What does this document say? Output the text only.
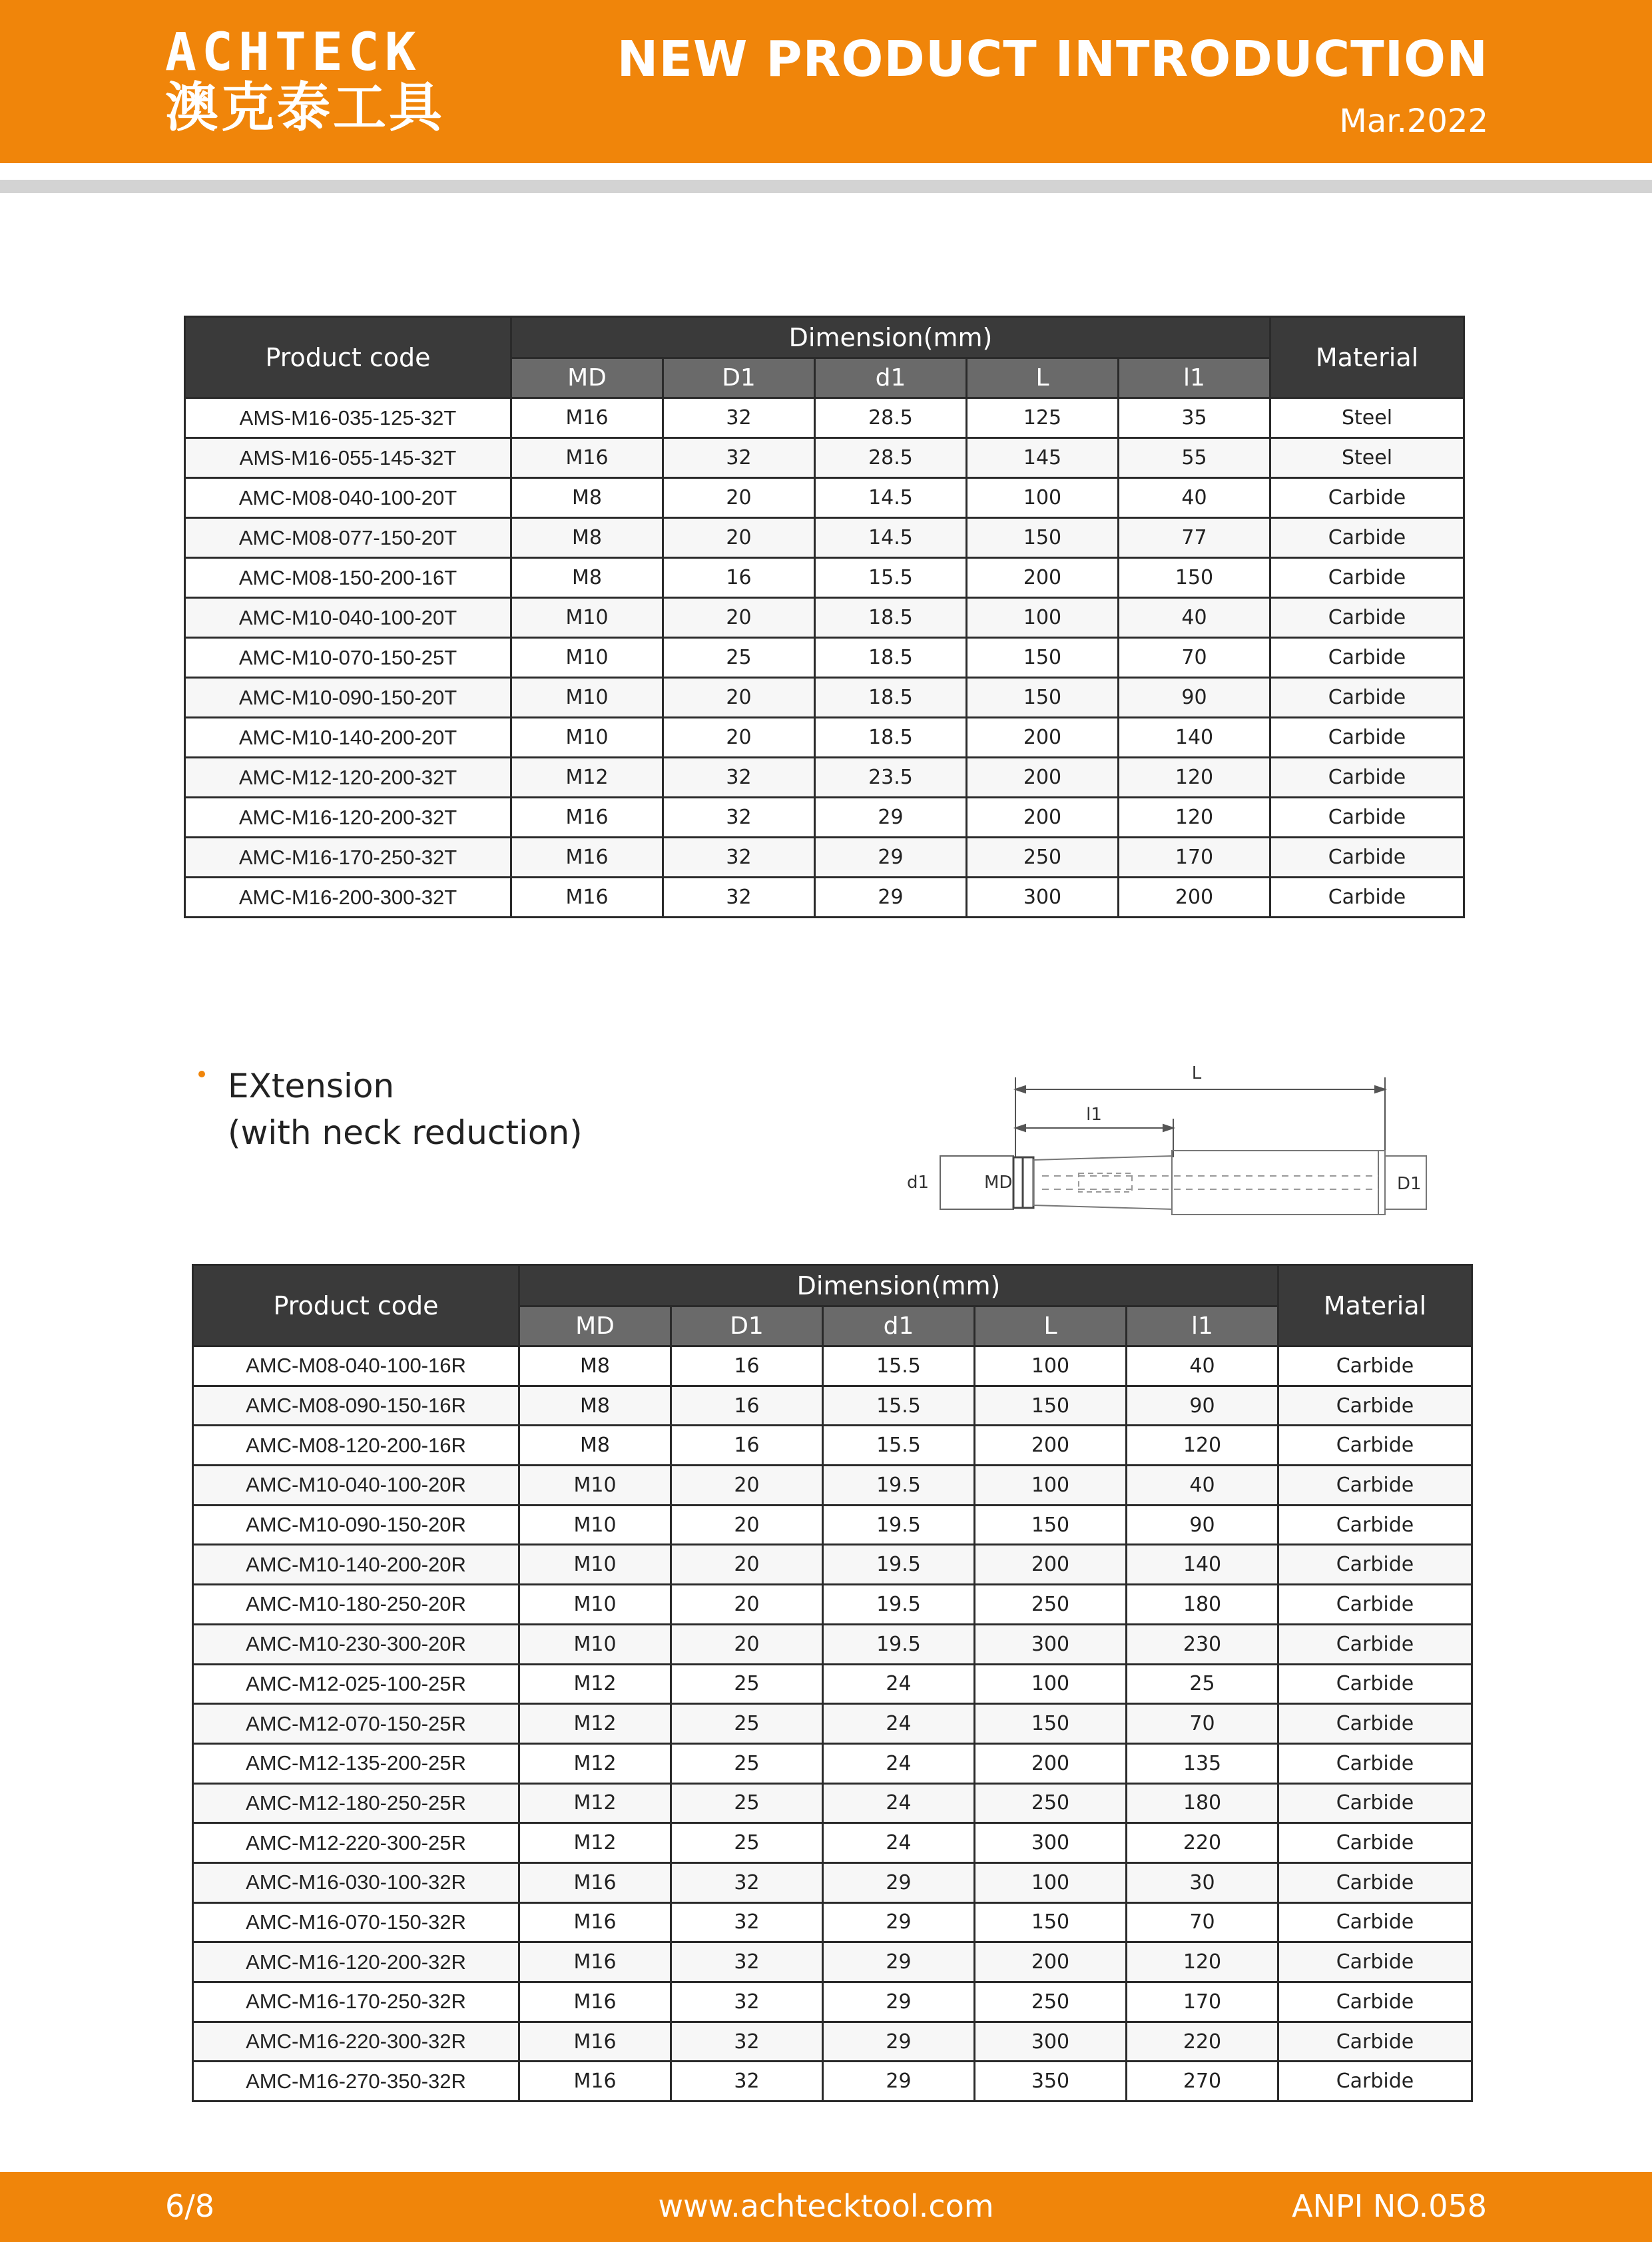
ACHTECK
澳克泰工具
NEW PRODUCT INTRODUCTION
Mar.2022
Product code	Dimension(mm)					Material
	MD	D1	d1	L	l1	
AMS-M16-035-125-32T	M16	32	28.5	125	35	Steel
AMS-M16-055-145-32T	M16	32	28.5	145	55	Steel
AMC-M08-040-100-20T	M8	20	14.5	100	40	Carbide
AMC-M08-077-150-20T	M8	20	14.5	150	77	Carbide
AMC-M08-150-200-16T	M8	16	15.5	200	150	Carbide
AMC-M10-040-100-20T	M10	20	18.5	100	40	Carbide
AMC-M10-070-150-25T	M10	25	18.5	150	70	Carbide
AMC-M10-090-150-20T	M10	20	18.5	150	90	Carbide
AMC-M10-140-200-20T	M10	20	18.5	200	140	Carbide
AMC-M12-120-200-32T	M12	32	23.5	200	120	Carbide
AMC-M16-120-200-32T	M16	32	29	200	120	Carbide
AMC-M16-170-250-32T	M16	32	29	250	170	Carbide
AMC-M16-200-300-32T	M16	32	29	300	200	Carbide
EXtension
(with neck reduction)
L
l1
d1	MD	D1
Product code	Dimension(mm)					Material
	MD	D1	d1	L	l1	
AMC-M08-040-100-16R	M8	16	15.5	100	40	Carbide
AMC-M08-090-150-16R	M8	16	15.5	150	90	Carbide
AMC-M08-120-200-16R	M8	16	15.5	200	120	Carbide
AMC-M10-040-100-20R	M10	20	19.5	100	40	Carbide
AMC-M10-090-150-20R	M10	20	19.5	150	90	Carbide
AMC-M10-140-200-20R	M10	20	19.5	200	140	Carbide
AMC-M10-180-250-20R	M10	20	19.5	250	180	Carbide
AMC-M10-230-300-20R	M10	20	19.5	300	230	Carbide
AMC-M12-025-100-25R	M12	25	24	100	25	Carbide
AMC-M12-070-150-25R	M12	25	24	150	70	Carbide
AMC-M12-135-200-25R	M12	25	24	200	135	Carbide
AMC-M12-180-250-25R	M12	25	24	250	180	Carbide
AMC-M12-220-300-25R	M12	25	24	300	220	Carbide
AMC-M16-030-100-32R	M16	32	29	100	30	Carbide
AMC-M16-070-150-32R	M16	32	29	150	70	Carbide
AMC-M16-120-200-32R	M16	32	29	200	120	Carbide
AMC-M16-170-250-32R	M16	32	29	250	170	Carbide
AMC-M16-220-300-32R	M16	32	29	300	220	Carbide
AMC-M16-270-350-32R	M16	32	29	350	270	Carbide
6/8	www.achtecktool.com	ANPI NO.058
